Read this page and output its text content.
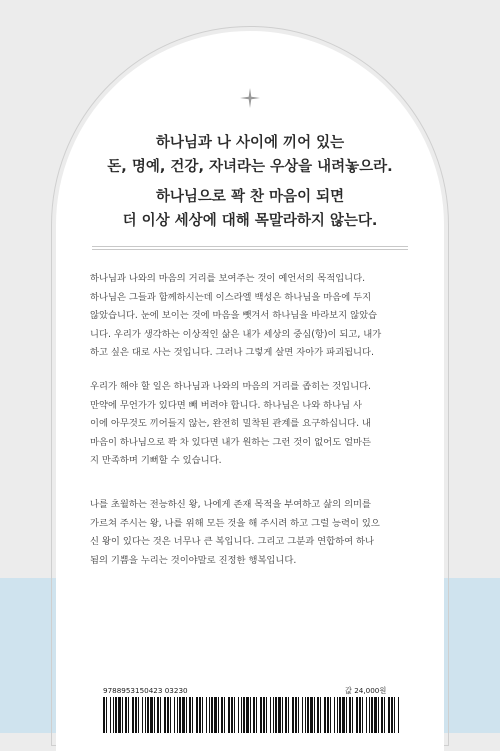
하나님과 나 사이에 끼어 있는
돈, 명예, 건강, 자녀라는 우상을 내려놓으라.

하나님으로 꽉 찬 마음이 되면
더 이상 세상에 대해 목말라하지 않는다.

하나님과 나와의 마음의 거리를 보여주는 것이 예언서의 목적입니다.
하나님은 그들과 함께하시는데 이스라엘 백성은 하나님을 마음에 두지
않았습니다. 눈에 보이는 것에 마음을 뺏겨서 하나님을 바라보지 않았습
니다. 우리가 생각하는 이상적인 삶은 내가 세상의 중심(항)이 되고, 내가
하고 싶은 대로 사는 것입니다. 그러나 그렇게 살면 자아가 파괴됩니다.

우리가 해야 할 일은 하나님과 나와의 마음의 거리를 좁히는 것입니다.
만약에 무언가가 있다면 빼 버려야 합니다. 하나님은 나와 하나님 사
이에 아무것도 끼어들지 않는, 완전히 밀착된 관계를 요구하십니다. 내
마음이 하나님으로 꽉 차 있다면 내가 원하는 그런 것이 없어도 얼마든
지 만족하며 기뻐할 수 있습니다.

나를 초월하는 전능하신 왕, 나에게 존재 목적을 부여하고 삶의 의미를
가르쳐 주시는 왕, 나를 위해 모든 것을 해 주시려 하고 그럴 능력이 있으
신 왕이 있다는 것은 너무나 큰 복입니다. 그리고 그분과 연합하여 하나
됨의 기쁨을 누리는 것이야말로 진정한 행복입니다.

9788953150423 03230	값 24,000원
